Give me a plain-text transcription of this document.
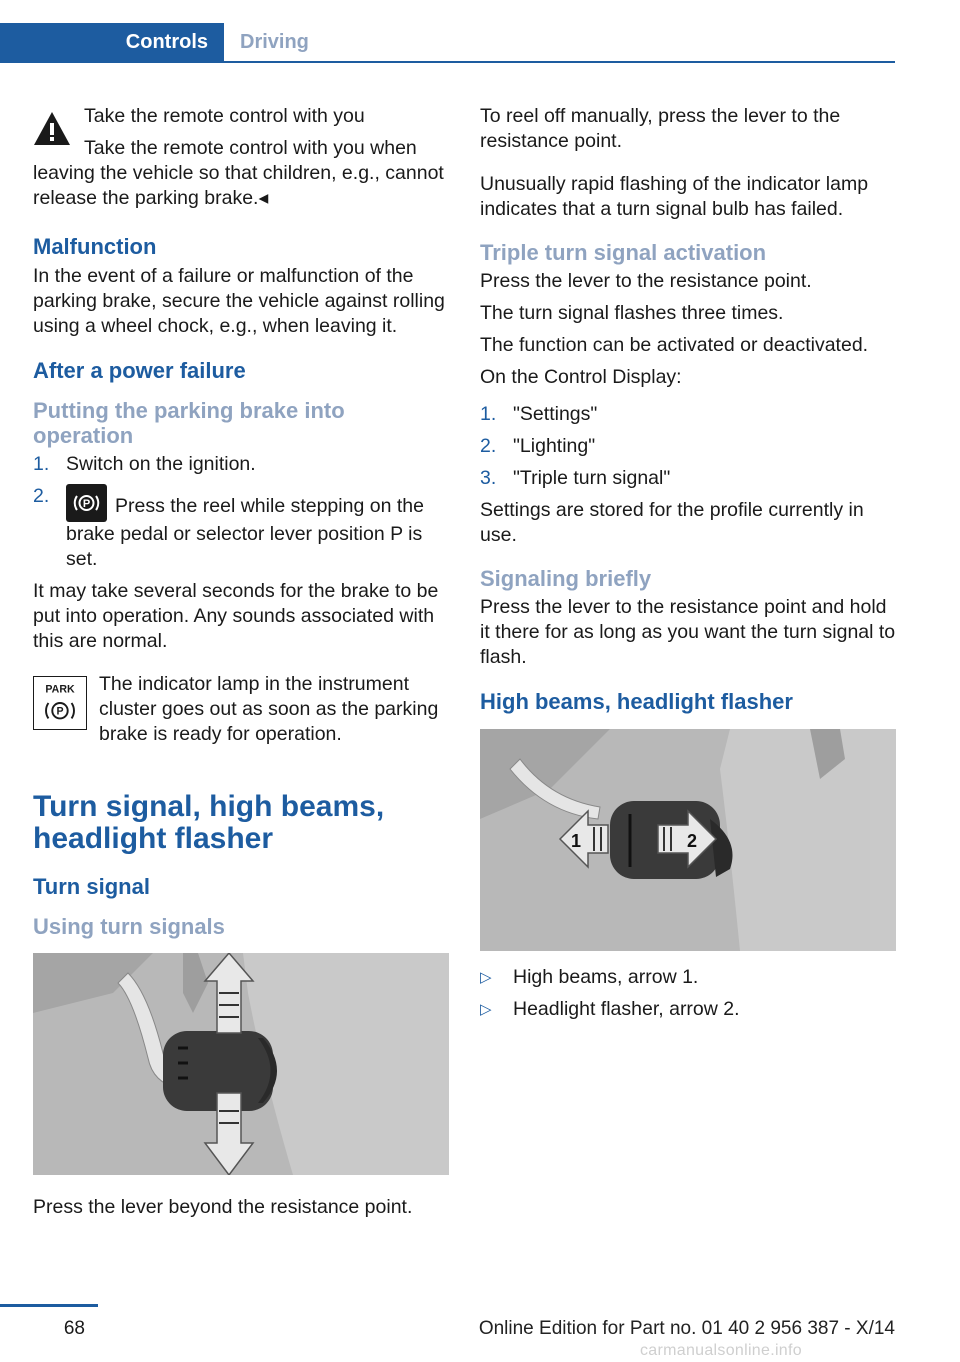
Controls	Driving
Take the remote control with you
Take the remote control with you when leaving the vehicle so that children, e.g., cannot release the parking brake.◂
Malfunction

In the event of a failure or malfunction of the parking brake, secure the vehicle against rolling using a wheel chock, e.g., when leaving it.

After a power failure
Putting the parking brake into operation
1. Switch on the ignition.
2.	P Press the reel while stepping on the brake pedal or selector lever position P is set.

It may take several seconds for the brake to be put into operation. Any sounds associated with this are normal.

PARK
P
The indicator lamp in the instrument cluster goes out as soon as the parking brake is ready for operation.
Turn signal, high beams, headlight flasher
Turn signal
Using turn signals

Press the lever beyond the resistance point.

To reel off manually, press the lever to the resistance point.

Unusually rapid flashing of the indicator lamp indicates that a turn signal bulb has failed.

Triple turn signal activation

Press the lever to the resistance point.

The turn signal flashes three times.

The function can be activated or deactivated.

On the Control Display:

1. "Settings"
2. "Lighting"
3. "Triple turn signal"

Settings are stored for the profile currently in use.

Signaling briefly

Press the lever to the resistance point and hold it there for as long as you want the turn signal to flash.

High beams, headlight flasher
1	2
▷ High beams, arrow 1.
▷ Headlight flasher, arrow 2.
68	Online Edition for Part no. 01 40 2 956 387 - X/14
carmanualsonline.info
